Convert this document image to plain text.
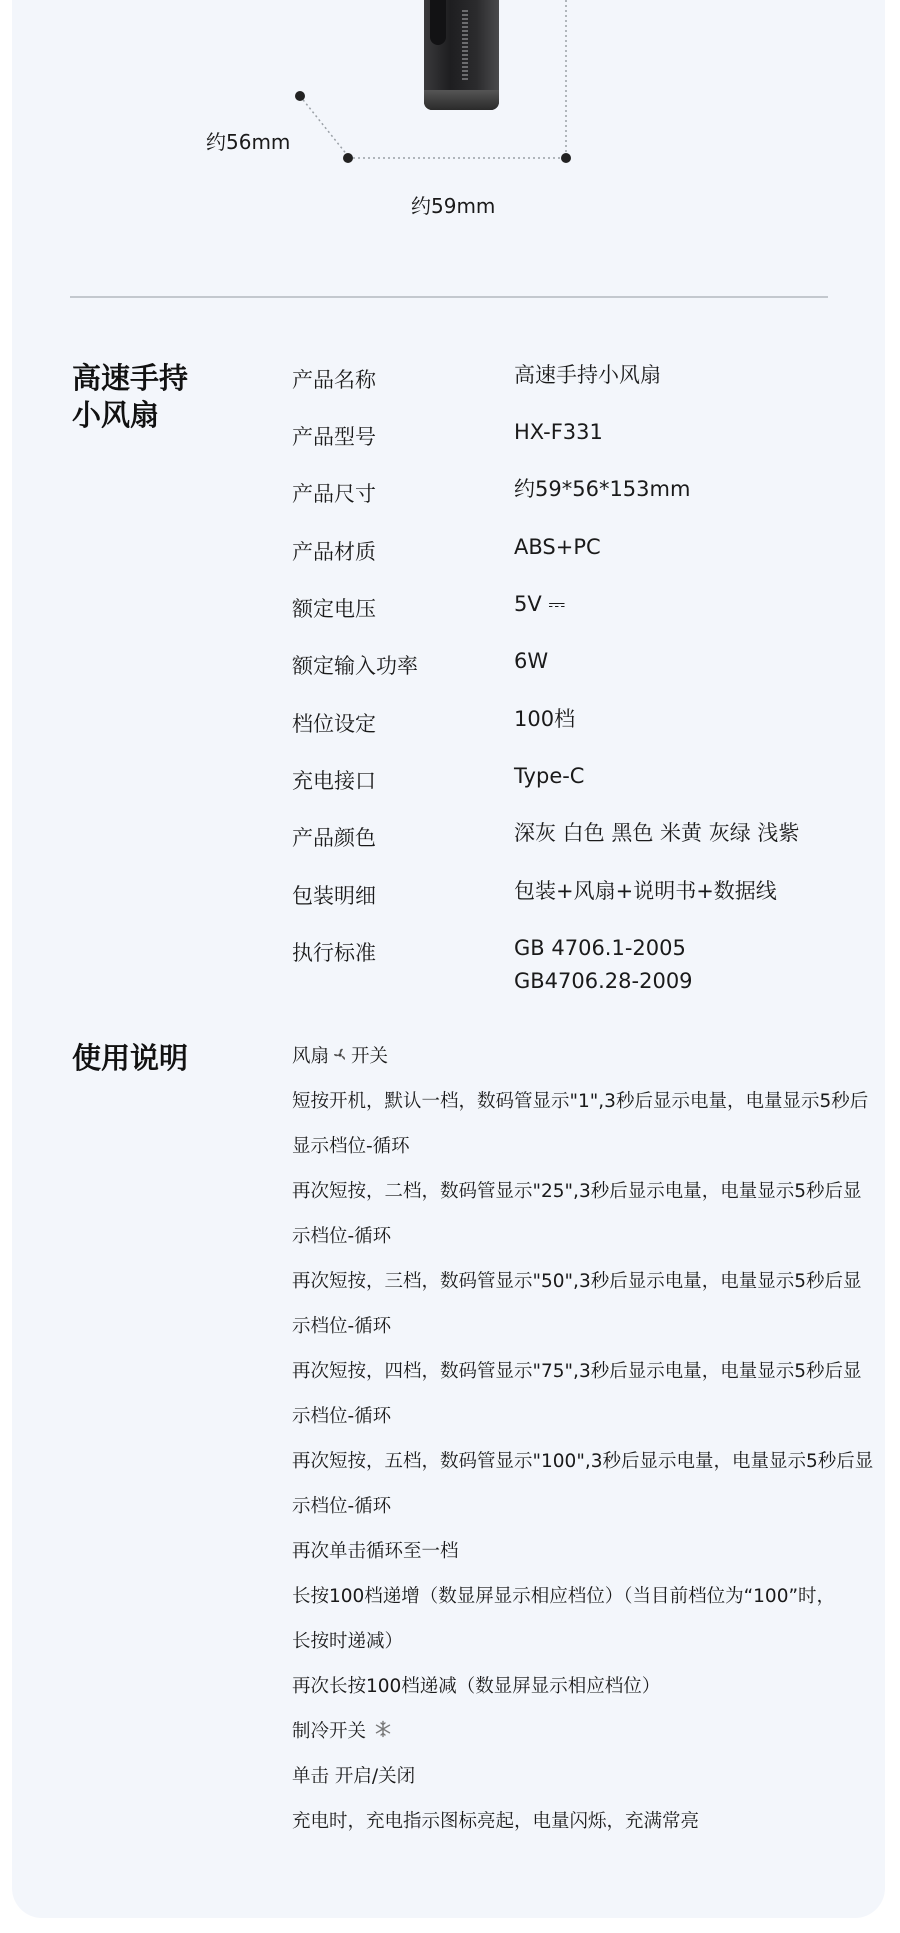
约56mm
约59mm
高速手持
小风扇
产品名称	高速手持小风扇
产品型号	HX-F331
产品尺寸	约59*56*153mm
产品材质	ABS+PC
额定电压	5V ⎓
额定输入功率	6W
档位设定	100档
充电接口	Type-C
产品颜色	深灰 白色 黑色 米黄 灰绿 浅紫
包装明细	包装+风扇+说明书+数据线
执行标准	GB 4706.1-2005
GB4706.28-2009
使用说明	风扇 开关
短按开机，默认一档，数码管显示"1",3秒后显示电量，电量显示5秒后
显示档位-循环
再次短按，二档，数码管显示"25",3秒后显示电量，电量显示5秒后显
示档位-循环
再次短按，三档，数码管显示"50",3秒后显示电量，电量显示5秒后显
示档位-循环
再次短按，四档，数码管显示"75",3秒后显示电量，电量显示5秒后显
示档位-循环
再次短按，五档，数码管显示"100",3秒后显示电量，电量显示5秒后显
示档位-循环
再次单击循环至一档
长按100档递增（数显屏显示相应档位）（当目前档位为“100”时，
长按时递减）
再次长按100档递减（数显屏显示相应档位）
制冷开关
单击 开启/关闭
充电时，充电指示图标亮起，电量闪烁，充满常亮
